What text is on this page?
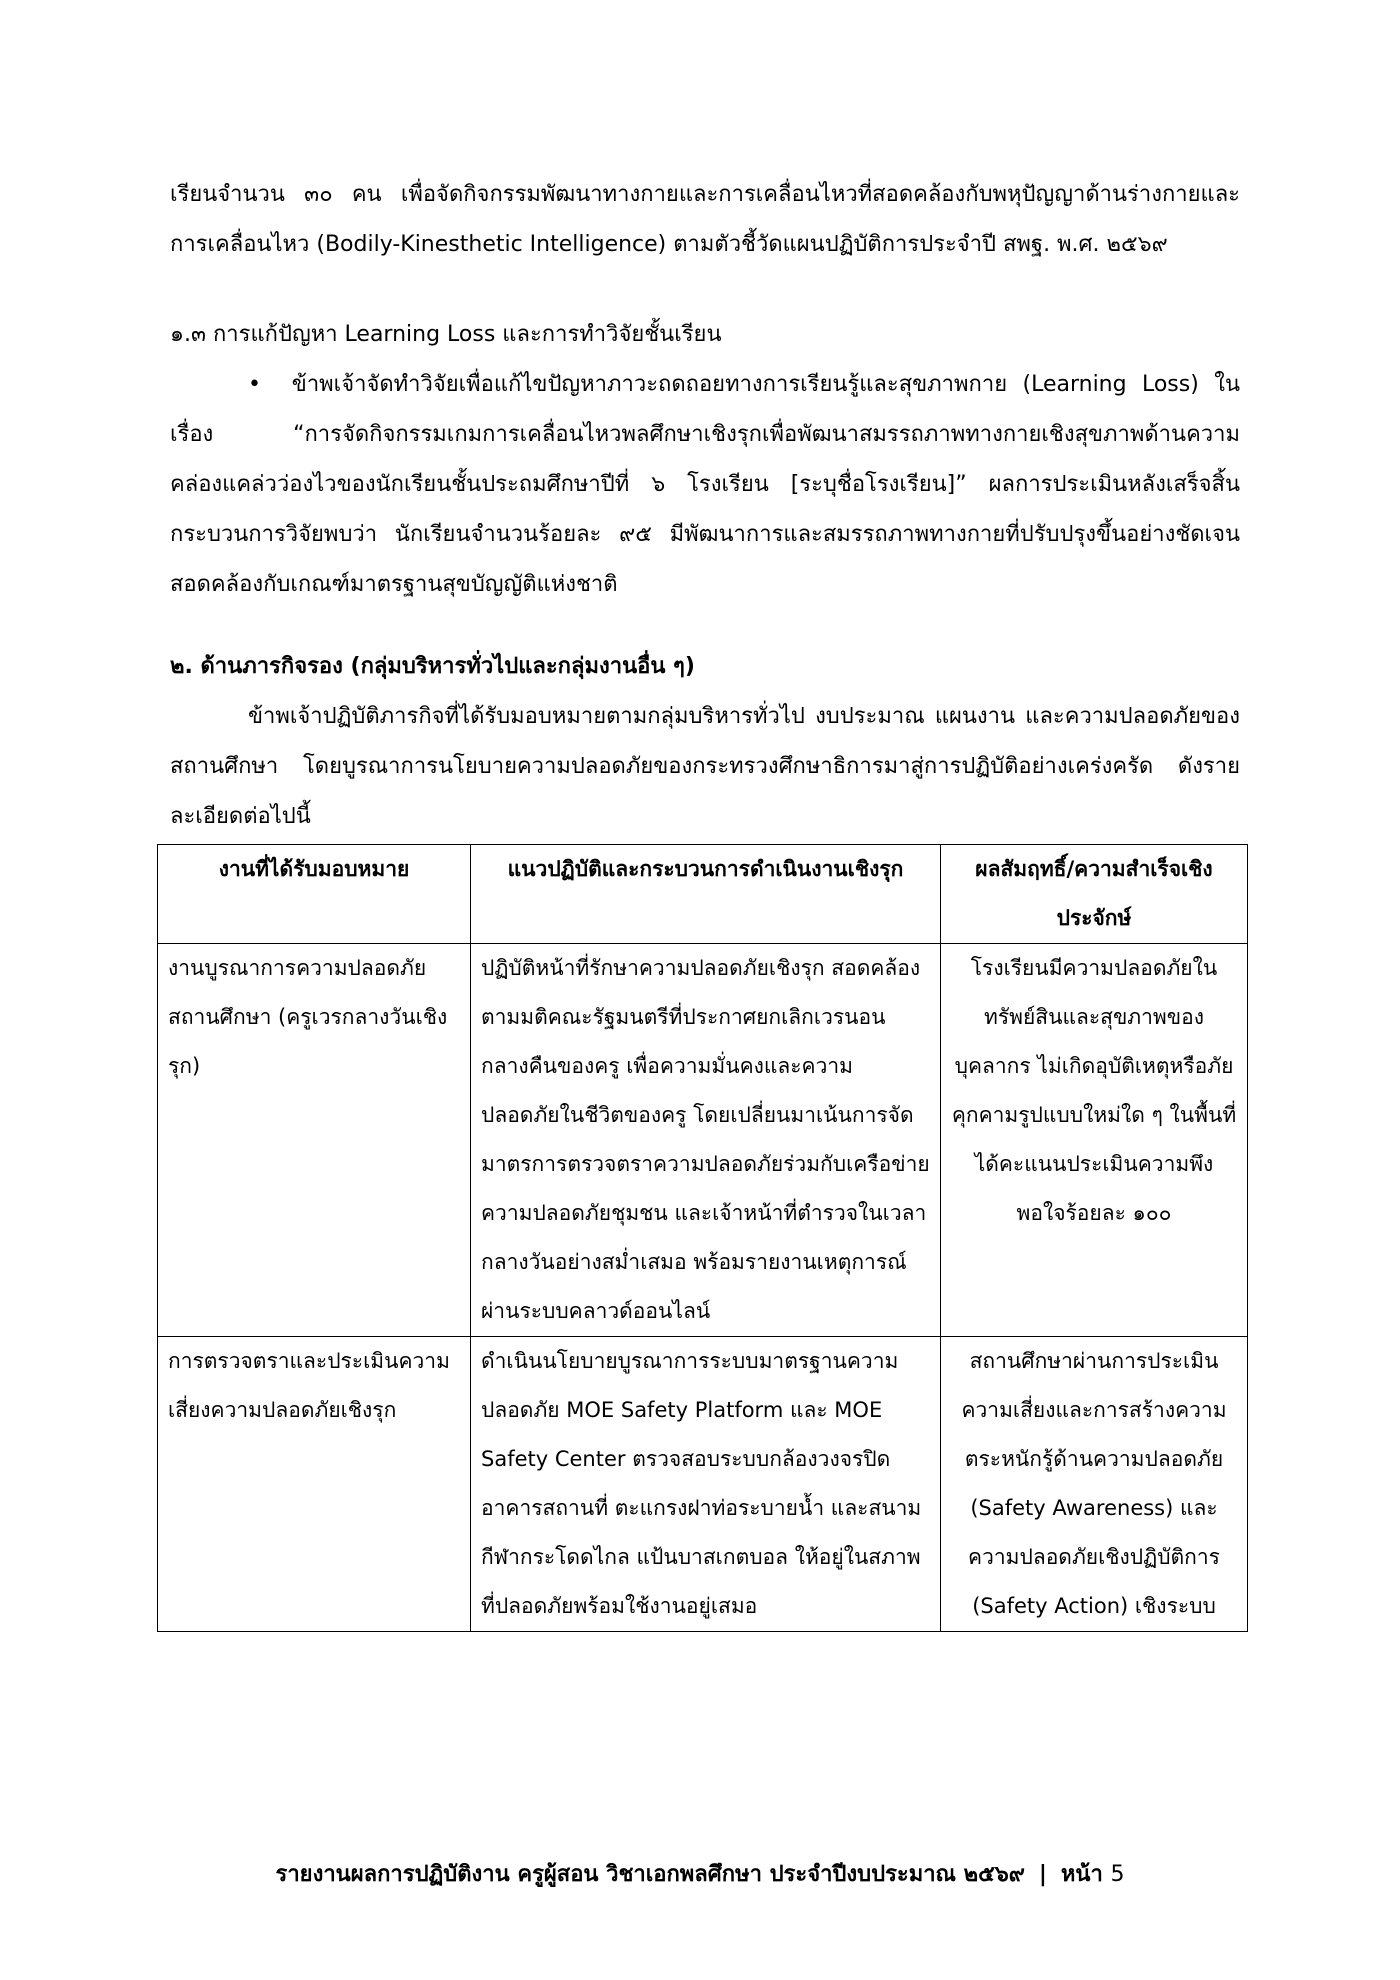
เรียนจำนวน ๓๐ คน เพื่อจัดกิจกรรมพัฒนาทางกายและการเคลื่อนไหวที่สอดคล้องกับพหุปัญญาด้านร่างกายและการเคลื่อนไหว (Bodily-Kinesthetic Intelligence) ตามตัวชี้วัดแผนปฏิบัติการประจำปี สพฐ. พ.ศ. ๒๕๖๙

๑.๓ การแก้ปัญหา Learning Loss และการทำวิจัยชั้นเรียน

• ข้าพเจ้าจัดทำวิจัยเพื่อแก้ไขปัญหาภาวะถดถอยทางการเรียนรู้และสุขภาพกาย (Learning Loss) ในเรื่อง “การจัดกิจกรรมเกมการเคลื่อนไหวพลศึกษาเชิงรุกเพื่อพัฒนาสมรรถภาพทางกายเชิงสุขภาพด้านความคล่องแคล่วว่องไวของนักเรียนชั้นประถมศึกษาปีที่ ๖ โรงเรียน [ระบุชื่อโรงเรียน]” ผลการประเมินหลังเสร็จสิ้นกระบวนการวิจัยพบว่า นักเรียนจำนวนร้อยละ ๙๕ มีพัฒนาการและสมรรถภาพทางกายที่ปรับปรุงขึ้นอย่างชัดเจนสอดคล้องกับเกณฑ์มาตรฐานสุขบัญญัติแห่งชาติ

๒. ด้านภารกิจรอง (กลุ่มบริหารทั่วไปและกลุ่มงานอื่น ๆ)

ข้าพเจ้าปฏิบัติภารกิจที่ได้รับมอบหมายตามกลุ่มบริหารทั่วไป งบประมาณ แผนงาน และความปลอดภัยของสถานศึกษา โดยบูรณาการนโยบายความปลอดภัยของกระทรวงศึกษาธิการมาสู่การปฏิบัติอย่างเคร่งครัด ดังรายละเอียดต่อไปนี้

งานที่ได้รับมอบหมาย	แนวปฏิบัติและกระบวนการดำเนินงานเชิงรุก	ผลสัมฤทธิ์/ความสำเร็จเชิงประจักษ์
งานบูรณาการความปลอดภัยสถานศึกษา (ครูเวรกลางวันเชิงรุก)	ปฏิบัติหน้าที่รักษาความปลอดภัยเชิงรุก สอดคล้องตามมติคณะรัฐมนตรีที่ประกาศยกเลิกเวรนอนกลางคืนของครู เพื่อความมั่นคงและความปลอดภัยในชีวิตของครู โดยเปลี่ยนมาเน้นการจัดมาตรการตรวจตราความปลอดภัยร่วมกับเครือข่ายความปลอดภัยชุมชน และเจ้าหน้าที่ตำรวจในเวลากลางวันอย่างสม่ำเสมอ พร้อมรายงานเหตุการณ์ผ่านระบบคลาวด์ออนไลน์	โรงเรียนมีความปลอดภัยในทรัพย์สินและสุขภาพของบุคลากร ไม่เกิดอุบัติเหตุหรือภัยคุกคามรูปแบบใหม่ใด ๆ ในพื้นที่ ได้คะแนนประเมินความพึงพอใจร้อยละ ๑๐๐
การตรวจตราและประเมินความเสี่ยงความปลอดภัยเชิงรุก	ดำเนินนโยบายบูรณาการระบบมาตรฐานความปลอดภัย MOE Safety Platform และ MOE Safety Center ตรวจสอบระบบกล้องวงจรปิด อาคารสถานที่ ตะแกรงฝาท่อระบายน้ำ และสนามกีฬากระโดดไกล แป้นบาสเกตบอล ให้อยู่ในสภาพที่ปลอดภัยพร้อมใช้งานอยู่เสมอ	สถานศึกษาผ่านการประเมินความเสี่ยงและการสร้างความตระหนักรู้ด้านความปลอดภัย (Safety Awareness) และความปลอดภัยเชิงปฏิบัติการ (Safety Action) เชิงระบบ
รายงานผลการปฏิบัติงาน ครูผู้สอน วิชาเอกพลศึกษา ประจำปีงบประมาณ ๒๕๖๙ | หน้า 5
